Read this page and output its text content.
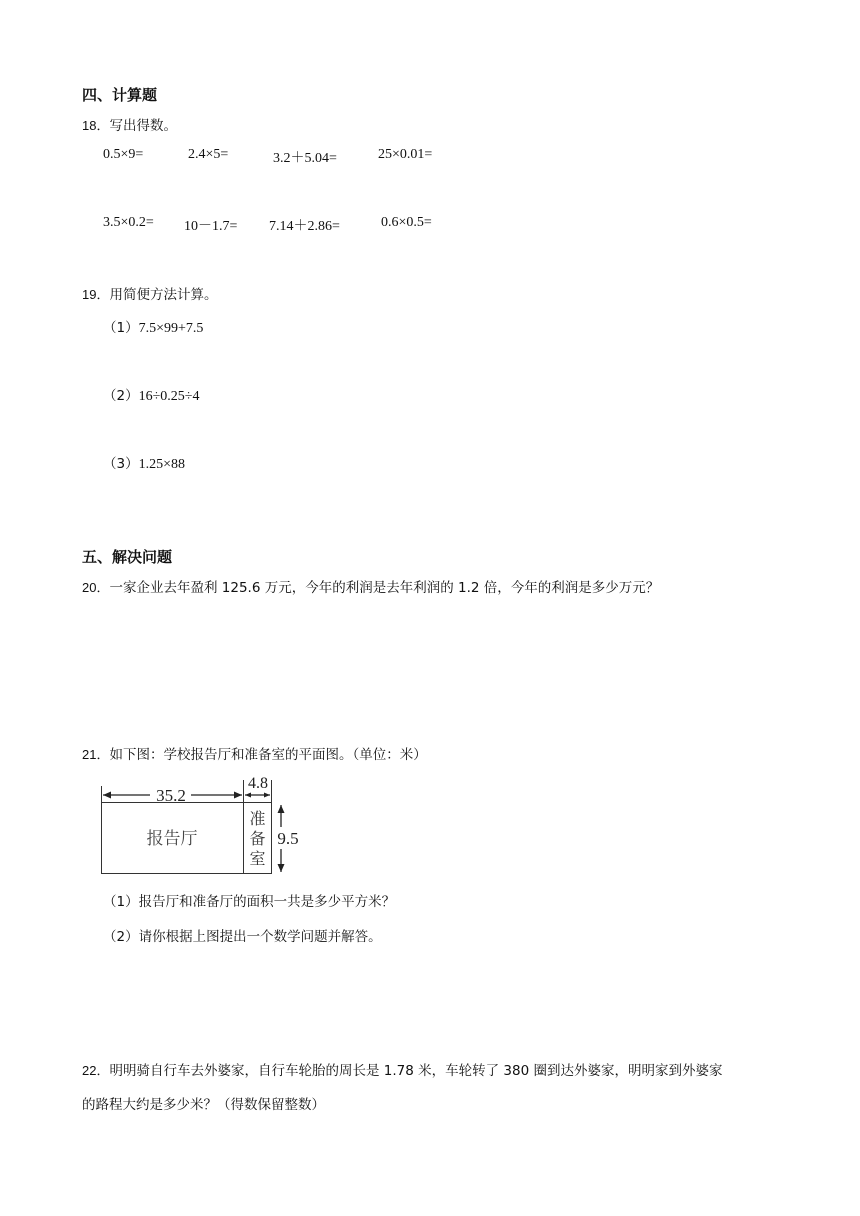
四、计算题
18． 写出得数。
0.5×9=	2.4×5=	3.2＋5.04=	25×0.01=
3.5×0.2= 10－1.7= 7.14＋2.86=	0.6×0.5=
19． 用简便方法计算。
（1） 7.5×99+7.5
（2） 16÷0.25÷4
（3） 1.25×88
五、解决问题
20． 一家企业去年盈利 125.6 万元，今年的利润是去年利润的 1.2 倍，今年的利润是多少万元？
21． 如下图：学校报告厅和准备室的平面图。（单位：米）
35.2
4.8
9.5
报告厅
准
备
室
（1） 报告厅和准备厅的面积一共是多少平方米？
（2） 请你根据上图提出一个数学问题并解答。
22． 明明骑自行车去外婆家，自行车轮胎的周长是 1.78 米，车轮转了 380 圈到达外婆家，明明家到外婆家
的路程大约是多少米？（得数保留整数）
